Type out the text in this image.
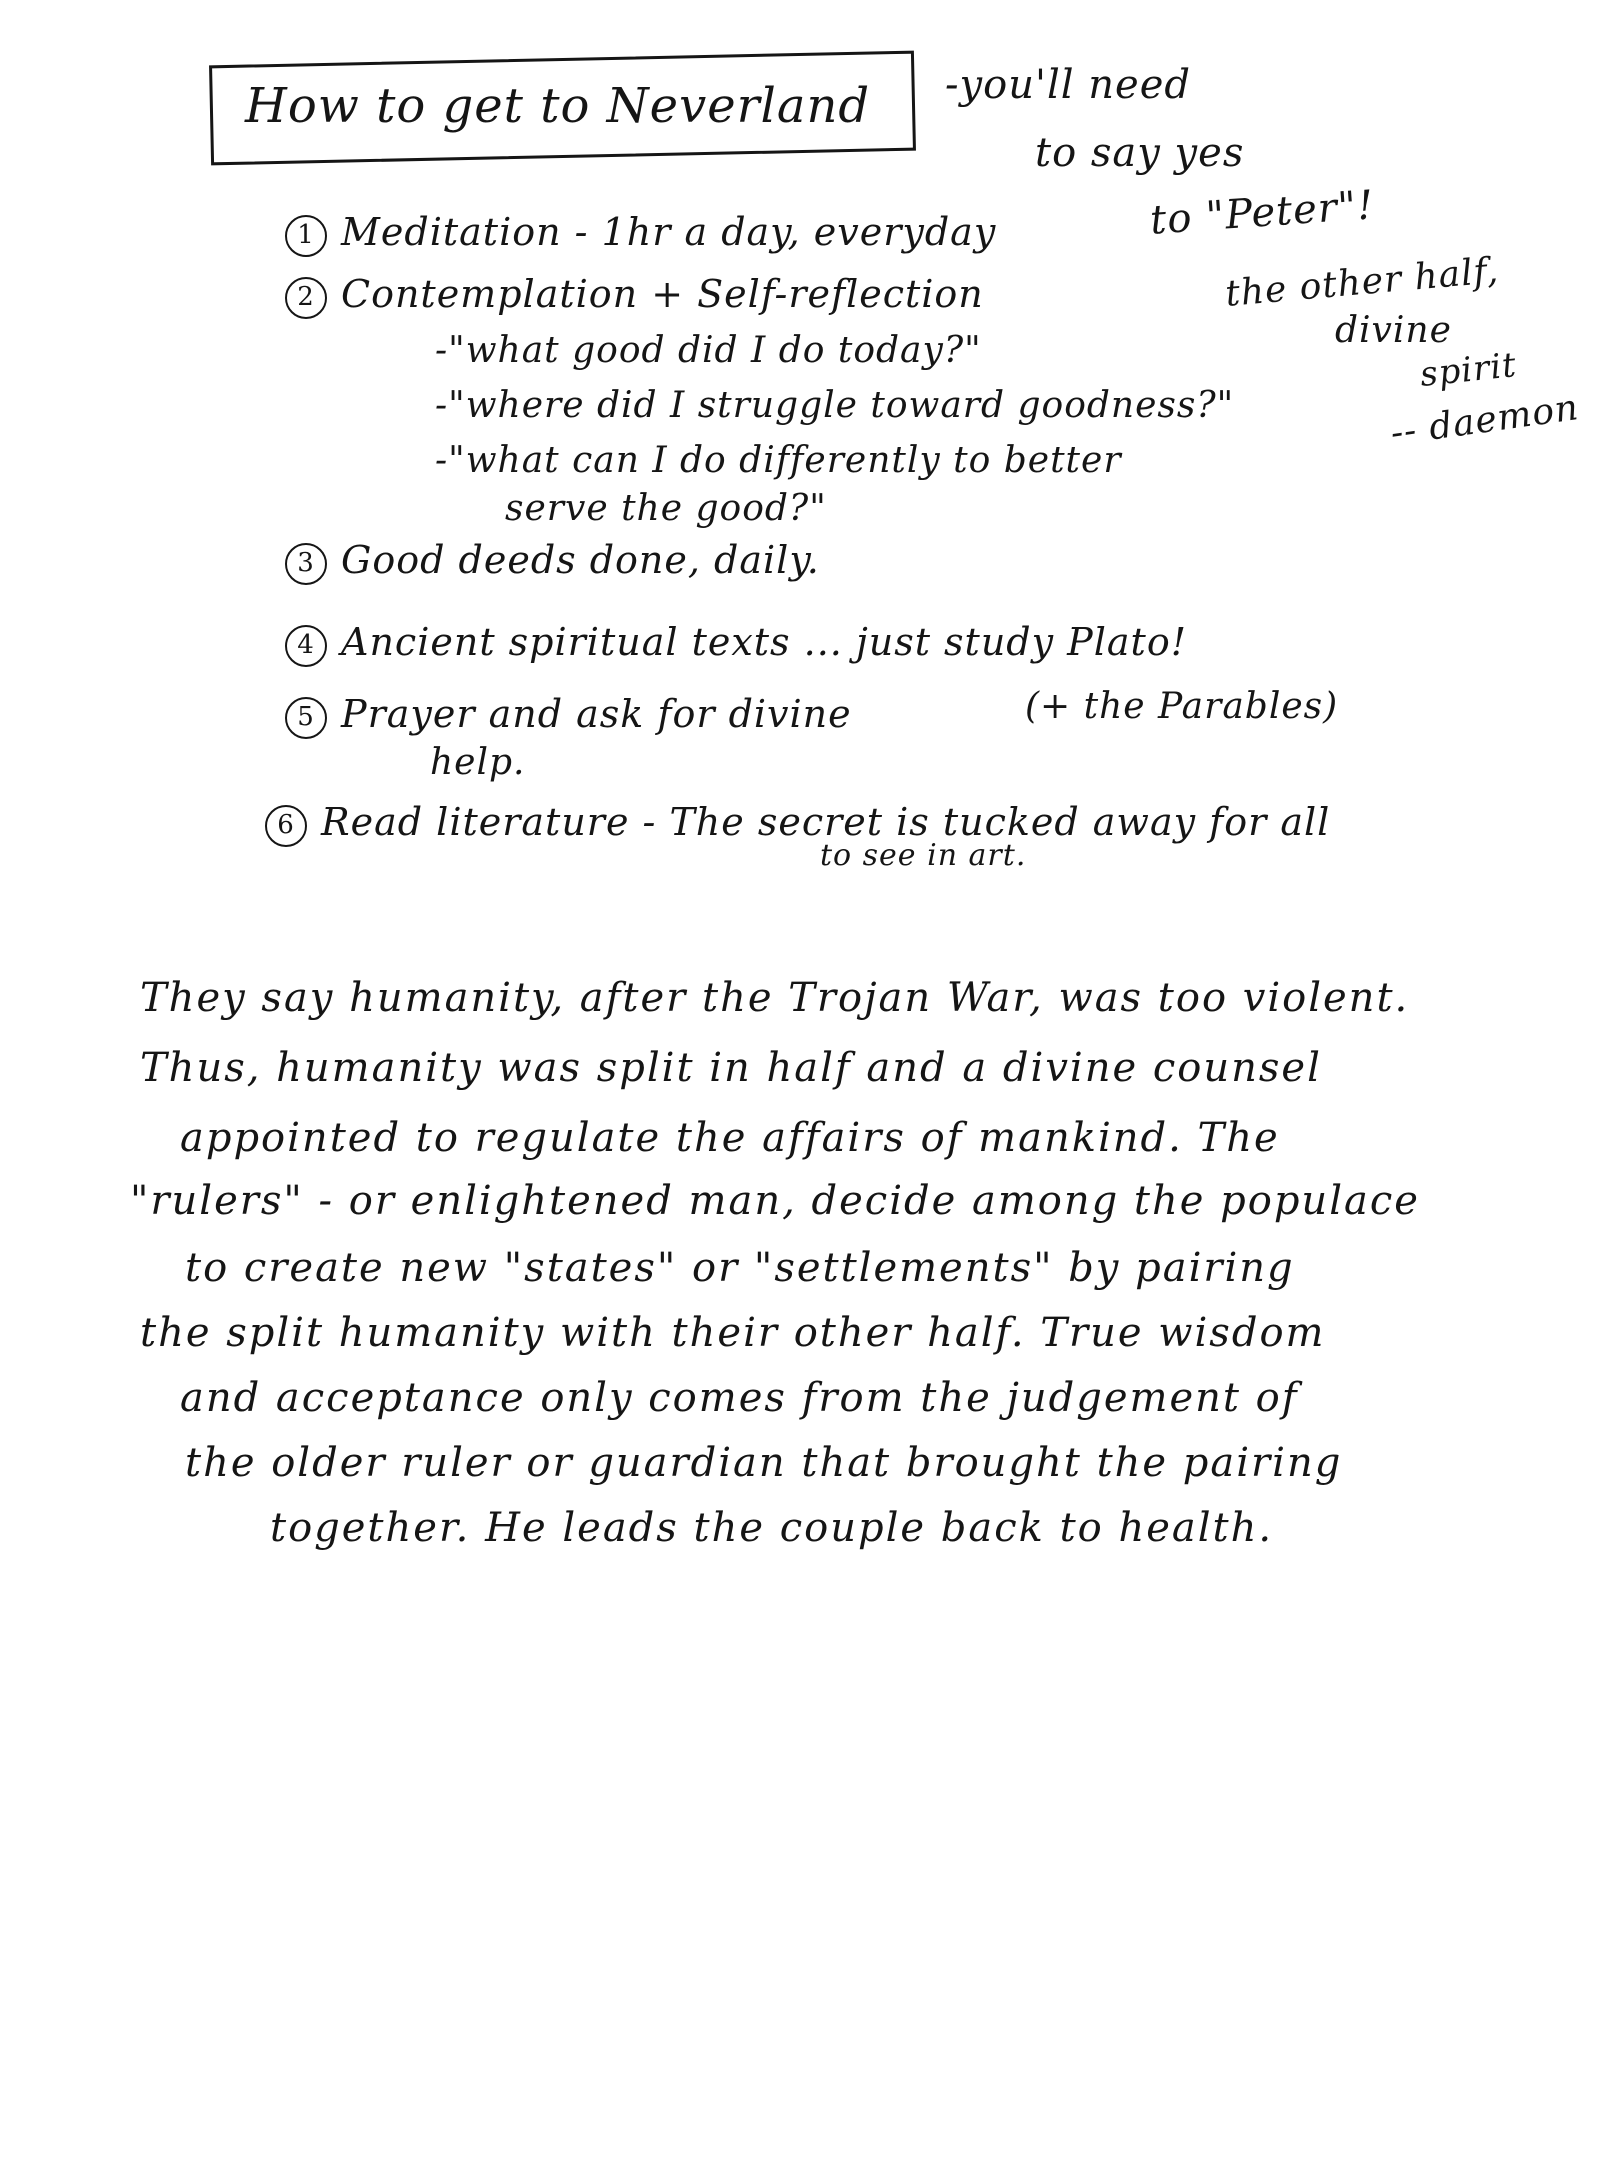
How to get to Neverland -you'll need
to say yes
to "Peter"!
the other half,
divine
spirit
-- daemon
1 Meditation - 1hr a day, everyday
2 Contemplation + Self-reflection
-"what good did I do today?"
-"where did I struggle toward goodness?"
-"what can I do differently to better
serve the good?"
3 Good deeds done, daily.
4 Ancient spiritual texts ... just study Plato!
5 Prayer and ask for divine	(+ the Parables)
help.
6 Read literature - The secret is tucked away for all
to see in art.
They say humanity, after the Trojan War, was too violent.
Thus, humanity was split in half and a divine counsel
appointed to regulate the affairs of mankind. The
"rulers" - or enlightened man, decide among the populace
to create new "states" or "settlements" by pairing
the split humanity with their other half. True wisdom
and acceptance only comes from the judgement of
the older ruler or guardian that brought the pairing
together. He leads the couple back to health.
